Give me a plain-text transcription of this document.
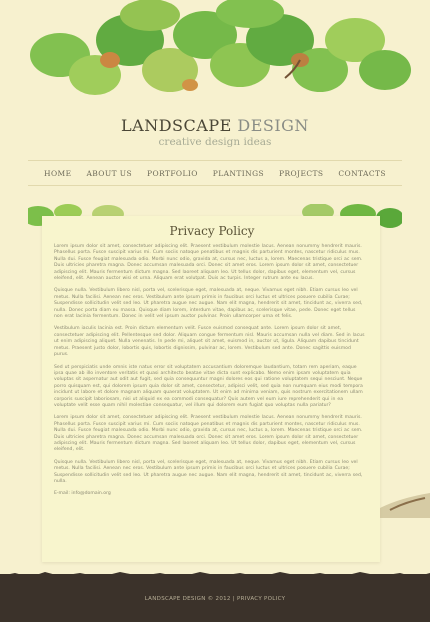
LANDSCAPE DESIGN
creative design ideas
HOME ABOUT US PORTFOLIO PLANTINGS PROJECTS CONTACTS
Privacy Policy

Lorem ipsum dolor sit amet, consectetuer adipiscing elit. Praesent vestibulum molestie lacus. Aenean nonummy hendrerit mauris. Phasellus porta. Fusce suscipit varius mi. Cum sociis natoque penatibus et magnis dis parturient montes, nascetur ridiculus mus. Nulla dui. Fusce feugiat malesuada odio. Morbi nunc odio, gravida at, cursus nec, luctus a, lorem. Maecenas tristique orci ac sem. Duis ultricies pharetra magna. Donec accumsan malesuada orci. Donec sit amet eros. Lorem ipsum dolor sit amet, consectetuer adipiscing elit. Mauris fermentum dictum magna. Sed laoreet aliquam leo. Ut tellus dolor, dapibus eget, elementum vel, cursus eleifend, elit. Aenean auctor wisi et urna. Aliquam erat volutpat. Duis ac turpis. Integer rutrum ante eu lacus.

Quisque nulla. Vestibulum libero nisl, porta vel, scelerisque eget, malesuada at, neque. Vivamus eget nibh. Etiam cursus leo vel metus. Nulla facilisi. Aenean nec eros. Vestibulum ante ipsum primis in faucibus orci luctus et ultrices posuere cubilia Curae; Suspendisse sollicitudin velit sed leo. Ut pharetra augue nec augue. Nam elit magna, hendrerit sit amet, tincidunt ac, viverra sed, nulla. Donec porta diam eu massa. Quisque diam lorem, interdum vitae, dapibus ac, scelerisque vitae, pede. Donec eget tellus non erat lacinia fermentum. Donec in velit vel ipsum auctor pulvinar. Proin ullamcorper urna et felis.

Vestibulum iaculis lacinia est. Proin dictum elementum velit. Fusce euismod consequat ante. Lorem ipsum dolor sit amet, consectetuer adipiscing elit. Pellentesque sed dolor. Aliquam congue fermentum nisl. Mauris accumsan nulla vel diam. Sed in lacus ut enim adipiscing aliquet. Nulla venenatis. In pede mi, aliquet sit amet, euismod in, auctor ut, ligula. Aliquam dapibus tincidunt metus. Praesent justo dolor, lobortis quis, lobortis dignissim, pulvinar ac, lorem. Vestibulum sed ante. Donec sagittis euismod purus.

Sed ut perspiciatis unde omnis iste natus error sit voluptatem accusantium doloremque laudantium, totam rem aperiam, eaque ipsa quae ab illo inventore veritatis et quasi architecto beatae vitae dicta sunt explicabo. Nemo enim ipsam voluptatem quia voluptas sit aspernatur aut odit aut fugit, sed quia consequuntur magni dolores eos qui ratione voluptatem sequi nesciunt. Neque porro quisquam est, qui dolorem ipsum quia dolor sit amet, consectetur, adipisci velit, sed quia non numquam eius modi tempora incidunt ut labore et dolore magnam aliquam quaerat voluptatem. Ut enim ad minima veniam, quis nostrum exercitationem ullam corporis suscipit laboriosam, nisi ut aliquid ex ea commodi consequatur? Quis autem vel eum iure reprehenderit qui in ea voluptate velit esse quam nihil molestiae consequatur, vel illum qui dolorem eum fugiat quo voluptas nulla pariatur?

Lorem ipsum dolor sit amet, consectetuer adipiscing elit. Praesent vestibulum molestie lacus. Aenean nonummy hendrerit mauris. Phasellus porta. Fusce suscipit varius mi. Cum sociis natoque penatibus et magnis dis parturient montes, nascetur ridiculus mus. Nulla dui. Fusce feugiat malesuada odio. Morbi nunc odio, gravida at, cursus nec, luctus a, lorem. Maecenas tristique orci ac sem. Duis ultricies pharetra magna. Donec accumsan malesuada orci. Donec sit amet eros. Lorem ipsum dolor sit amet, consectetuer adipiscing elit. Mauris fermentum dictum magna. Sed laoreet aliquam leo. Ut tellus dolor, dapibus eget, elementum vel, cursus eleifend, elit.

Quisque nulla. Vestibulum libero nisl, porta vel, scelerisque eget, malesuada at, neque. Vivamus eget nibh. Etiam cursus leo vel metus. Nulla facilisi. Aenean nec eros. Vestibulum ante ipsum primis in faucibus orci luctus et ultrices posuere cubilia Curae; Suspendisse sollicitudin velit sed leo. Ut pharetra augue nec augue. Nam elit magna, hendrerit sit amet, tincidunt ac, viverra sed, nulla.

E-mail: info@domain.org
LANDSCAPE DESIGN © 2012 | PRIVACY POLICY
